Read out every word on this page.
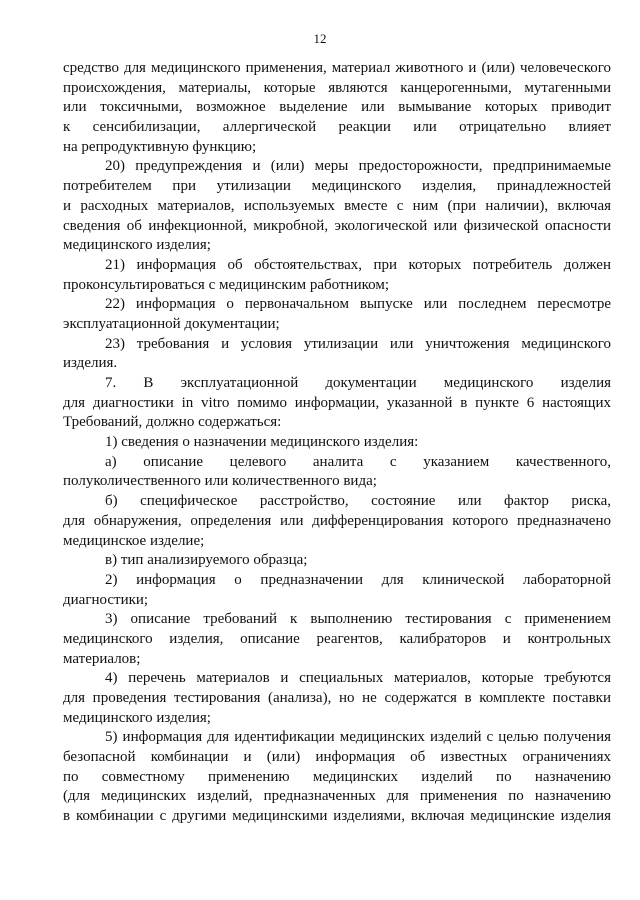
12
средство для медицинского применения, материал животного и (или) человеческого
происхождения, материалы, которые являются канцерогенными, мутагенными
или токсичными, возможное выделение или вымывание которых приводит
к сенсибилизации, аллергической реакции или отрицательно влияет
на репродуктивную функцию;
20) предупреждения и (или) меры предосторожности, предпринимаемые
потребителем при утилизации медицинского изделия, принадлежностей
и расходных материалов, используемых вместе с ним (при наличии), включая
сведения об инфекционной, микробной, экологической или физической опасности
медицинского изделия;
21) информация об обстоятельствах, при которых потребитель должен
проконсультироваться с медицинским работником;
22) информация о первоначальном выпуске или последнем пересмотре
эксплуатационной документации;
23) требования и условия утилизации или уничтожения медицинского
изделия.
7. В эксплуатационной документации медицинского изделия
для диагностики in vitro помимо информации, указанной в пункте 6 настоящих
Требований, должно содержаться:
1) сведения о назначении медицинского изделия:
а) описание целевого аналита с указанием качественного,
полуколичественного или количественного вида;
б) специфическое расстройство, состояние или фактор риска,
для обнаружения, определения или дифференцирования которого предназначено
медицинское изделие;
в) тип анализируемого образца;
2) информация о предназначении для клинической лабораторной
диагностики;
3) описание требований к выполнению тестирования с применением
медицинского изделия, описание реагентов, калибраторов и контрольных
материалов;
4) перечень материалов и специальных материалов, которые требуются
для проведения тестирования (анализа), но не содержатся в комплекте поставки
медицинского изделия;
5) информация для идентификации медицинских изделий с целью получения
безопасной комбинации и (или) информация об известных ограничениях
по совместному применению медицинских изделий по назначению
(для медицинских изделий, предназначенных для применения по назначению
в комбинации с другими медицинскими изделиями, включая медицинские изделия
